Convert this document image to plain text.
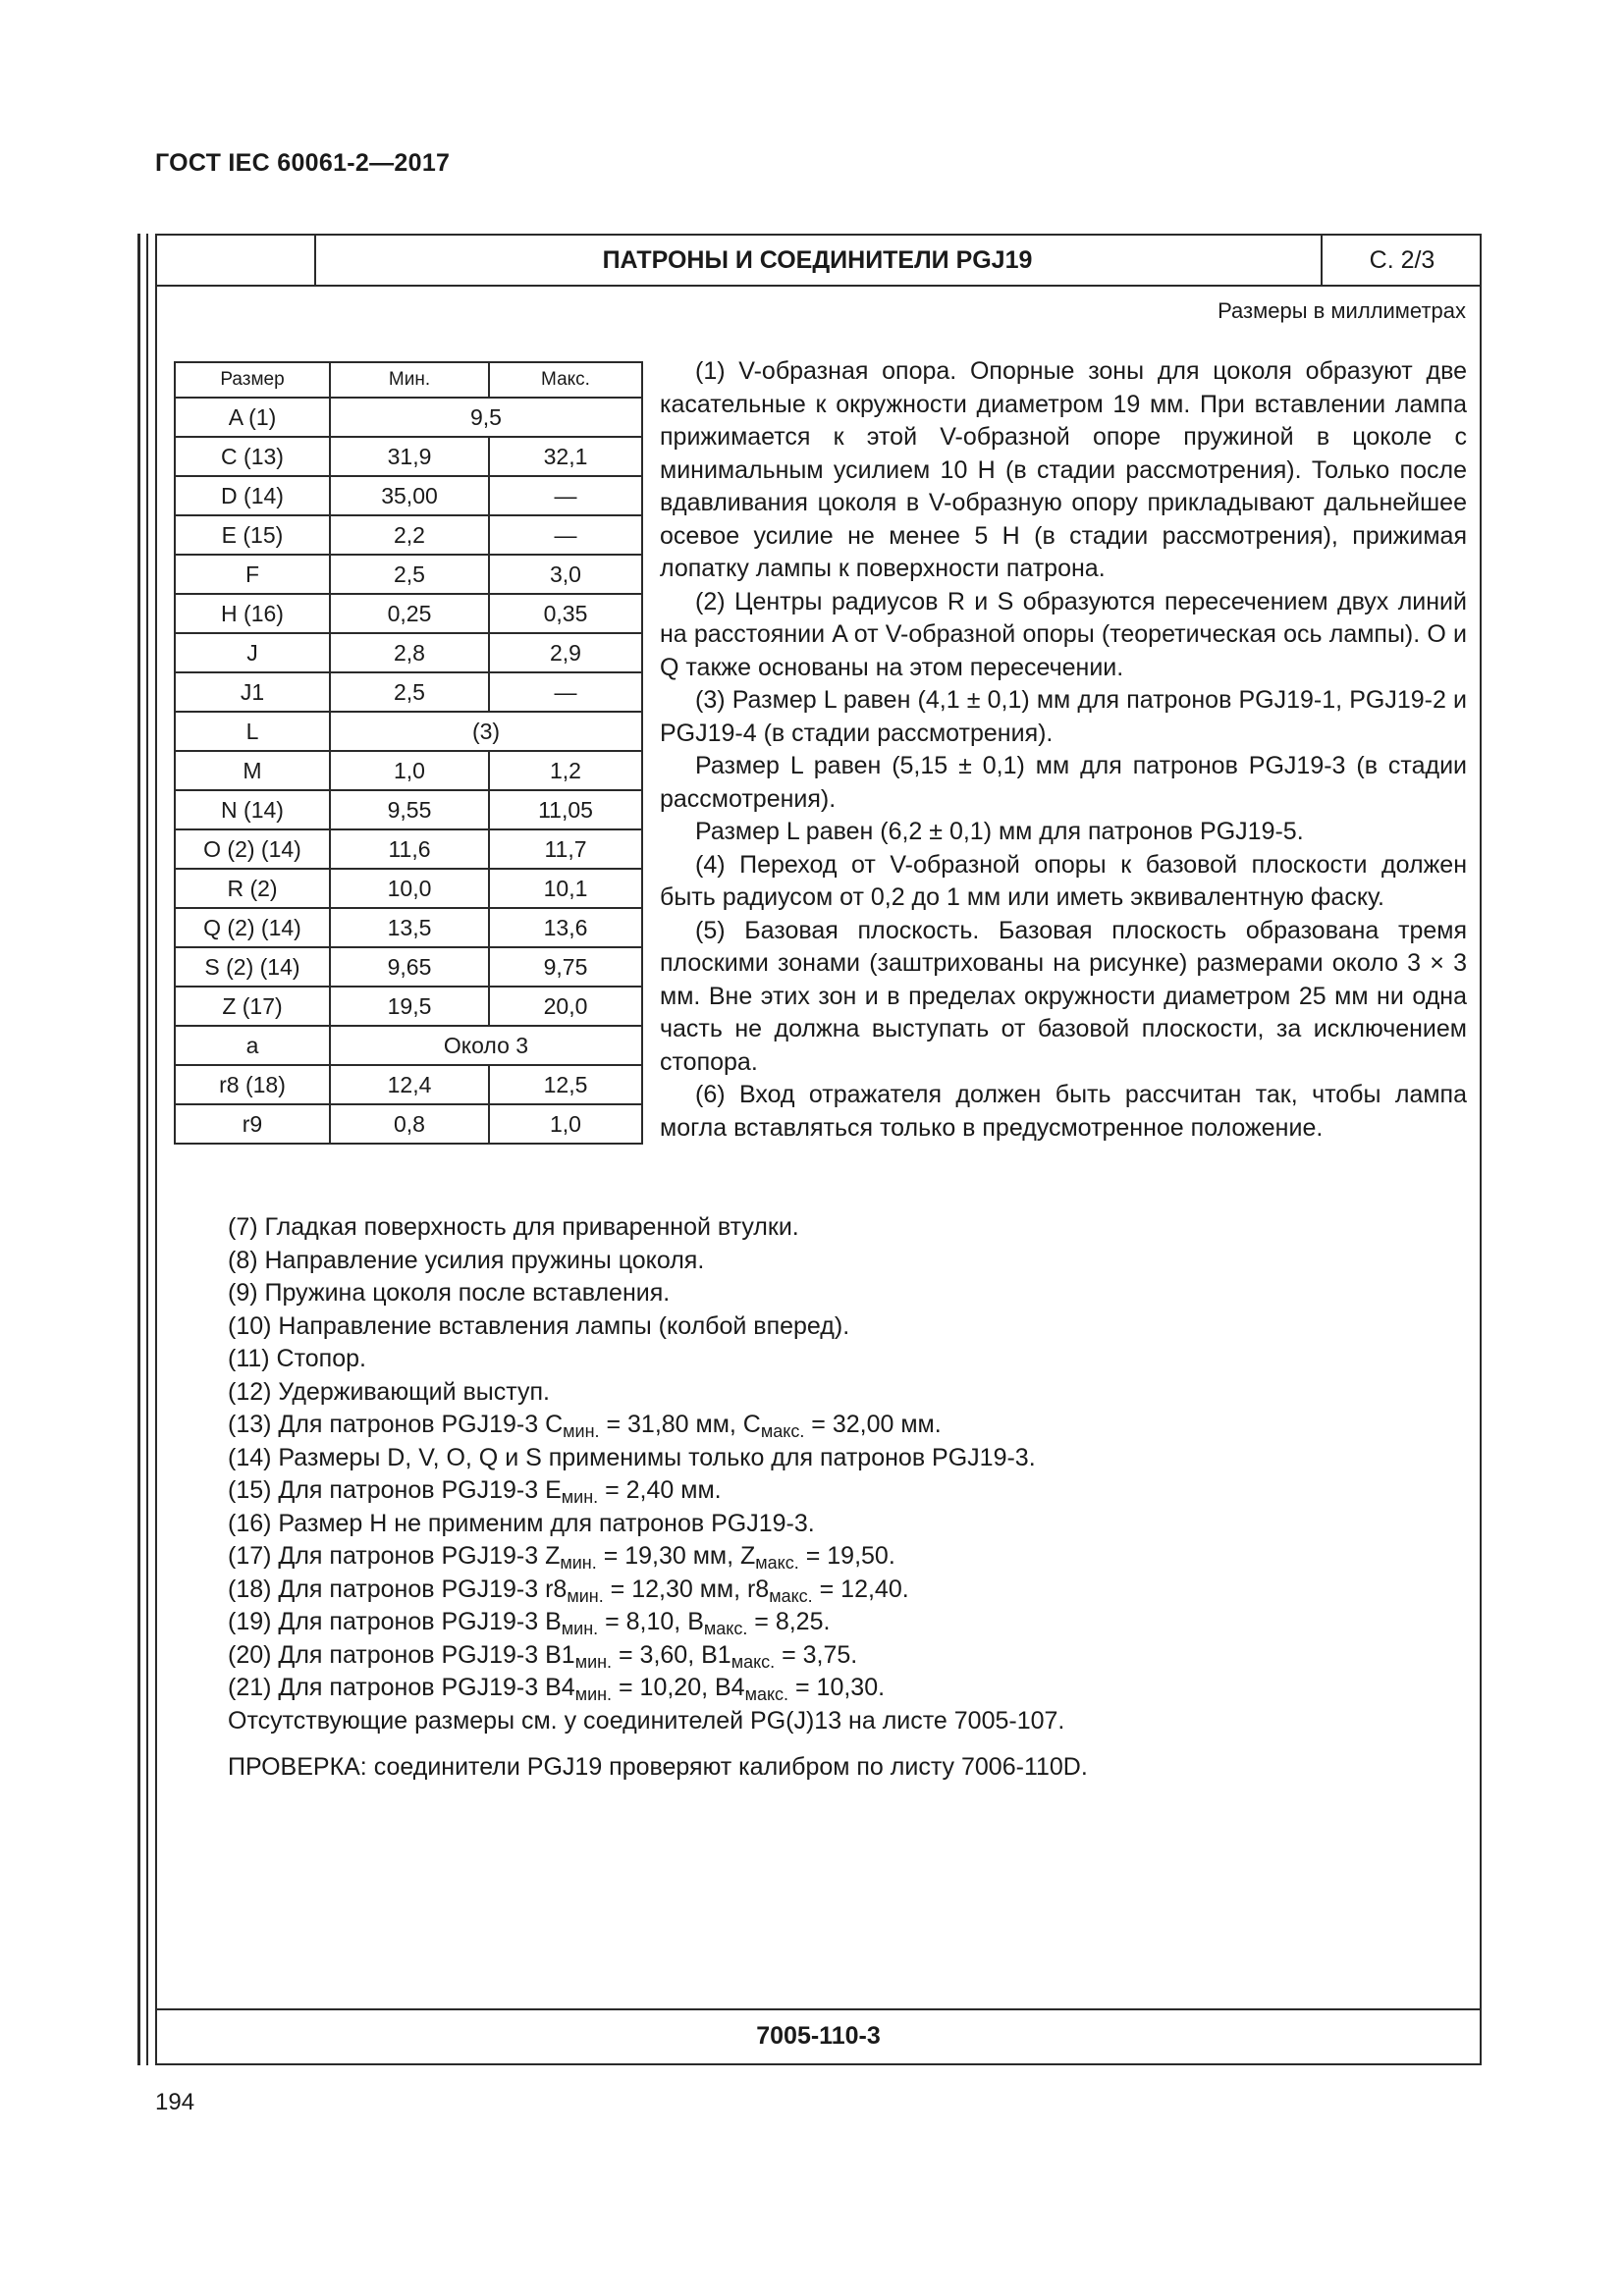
ГОСТ IEC 60061-2—2017
ПАТРОНЫ И СОЕДИНИТЕЛИ PGJ19	С. 2/3
Размеры в миллиметрах
Размер	Мин.	Макс.
A (1)	9,5	
C (13)	31,9	32,1
D (14)	35,00	—
E (15)	2,2	—
F	2,5	3,0
H (16)	0,25	0,35
J	2,8	2,9
J1	2,5	—
L	(3)	
M	1,0	1,2
N (14)	9,55	11,05
O (2) (14)	11,6	11,7
R (2)	10,0	10,1
Q (2) (14)	13,5	13,6
S (2) (14)	9,65	9,75
Z (17)	19,5	20,0
a	Около 3	
r8 (18)	12,4	12,5
r9	0,8	1,0

(1) V-образная опора. Опорные зоны для цоколя образуют две касательные к окружности диаметром 19 мм. При вставлении лампа прижимается к этой V-образной опоре пружиной в цоколе с минимальным усилием 10 Н (в стадии рассмотрения). Только после вдавливания цоколя в V-образную опору прикладывают дальнейшее осевое усилие не менее 5 Н (в стадии рассмотрения), прижимая лопатку лампы к поверхности патрона.

(2) Центры радиусов R и S образуются пересечением двух линий на расстоянии A от V-образной опоры (теоретическая ось лампы). O и Q также основаны на этом пересечении.

(3) Размер L равен (4,1 ± 0,1) мм для патронов PGJ19-1, PGJ19-2 и PGJ19-4 (в стадии рассмотрения).

Размер L равен (5,15 ± 0,1) мм для патронов PGJ19-3 (в стадии рассмотрения).

Размер L равен (6,2 ± 0,1) мм для патронов PGJ19-5.

(4) Переход от V-образной опоры к базовой плоскости должен быть радиусом от 0,2 до 1 мм или иметь эквивалентную фаску.

(5) Базовая плоскость. Базовая плоскость образована тремя плоскими зонами (заштрихованы на рисунке) размерами около 3 × 3 мм. Вне этих зон и в пределах окружности диаметром 25 мм ни одна часть не должна выступать от базовой плоскости, за исключением стопора.

(6) Вход отражателя должен быть рассчитан так, чтобы лампа могла вставляться только в предусмотренное положение.

(7) Гладкая поверхность для приваренной втулки.

(8) Направление усилия пружины цоколя.

(9) Пружина цоколя после вставления.

(10) Направление вставления лампы (колбой вперед).

(11) Стопор.

(12) Удерживающий выступ.

(13) Для патронов PGJ19-3 $C_{мин.} = 31,80$ мм, $C_{макс.} = 32,00$ мм.

(14) Размеры D, V, O, Q и S применимы только для патронов PGJ19-3.

(15) Для патронов PGJ19-3 $E_{мин.} = 2,40$ мм.

(16) Размер H не применим для патронов PGJ19-3.

(17) Для патронов PGJ19-3 $Z_{мин.} = 19,30$ мм, $Z_{макс.} = 19,50$.

(18) Для патронов PGJ19-3 $r8_{мин.} = 12,30$ мм, $r8_{макс.} = 12,40$.

(19) Для патронов PGJ19-3 $B_{мин.} = 8,10$, $B_{макс.} = 8,25$.

(20) Для патронов PGJ19-3 $B1_{мин.} = 3,60$, $B1_{макс.} = 3,75$.

(21) Для патронов PGJ19-3 $B4_{мин.} = 10,20$, $B4_{макс.} = 10,30$.

Отсутствующие размеры см. у соединителей PG(J)13 на листе 7005-107.

ПРОВЕРКА: соединители PGJ19 проверяют калибром по листу 7006-110D.

7005-110-3
194
